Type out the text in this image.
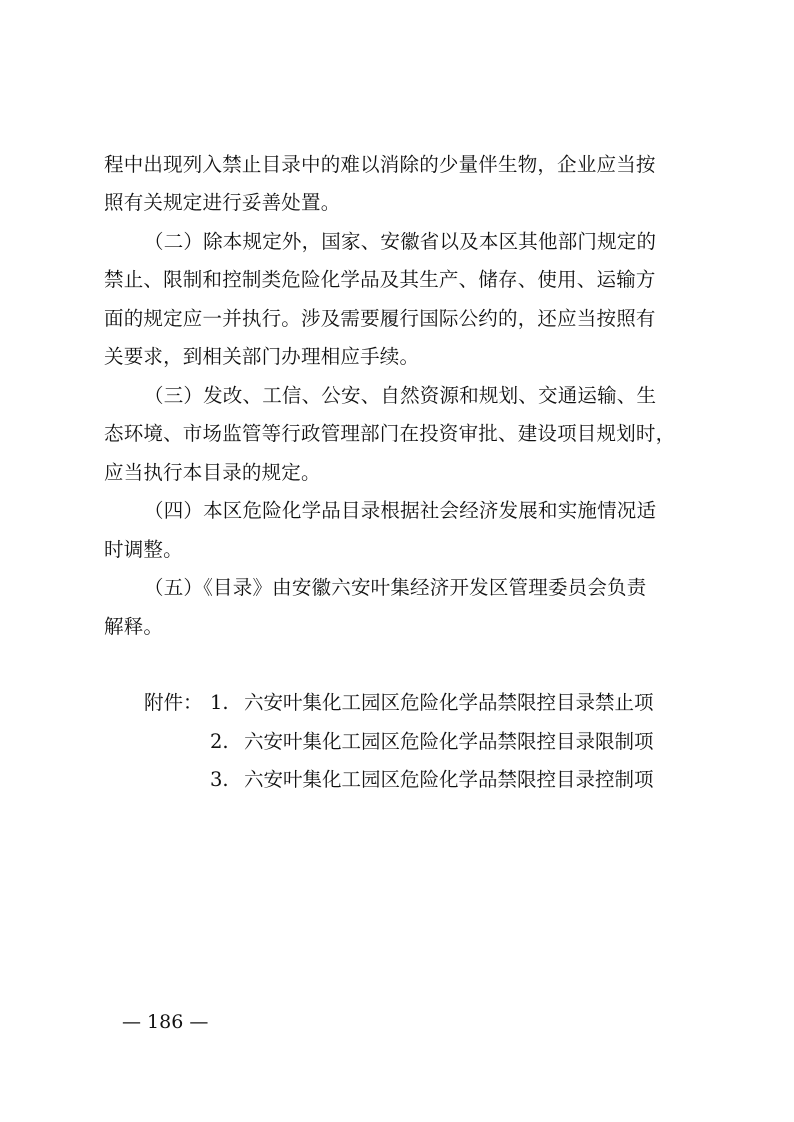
程中出现列入禁止目录中的难以消除的少量伴生物，企业应当按
照有关规定进行妥善处置。
（二）除本规定外，国家、安徽省以及本区其他部门规定的
禁止、限制和控制类危险化学品及其生产、储存、使用、运输方
面的规定应一并执行。涉及需要履行国际公约的，还应当按照有
关要求，到相关部门办理相应手续。
（三）发改、工信、公安、自然资源和规划、交通运输、生
态环境、市场监管等行政管理部门在投资审批、建设项目规划时，
应当执行本目录的规定。
（四）本区危险化学品目录根据社会经济发展和实施情况适
时调整。
（五）《目录》由安徽六安叶集经济开发区管理委员会负责
解释。
附件： 1. 六安叶集化工园区危险化学品禁限控目录禁止项
2. 六安叶集化工园区危险化学品禁限控目录限制项
3. 六安叶集化工园区危险化学品禁限控目录控制项
— 186 —
